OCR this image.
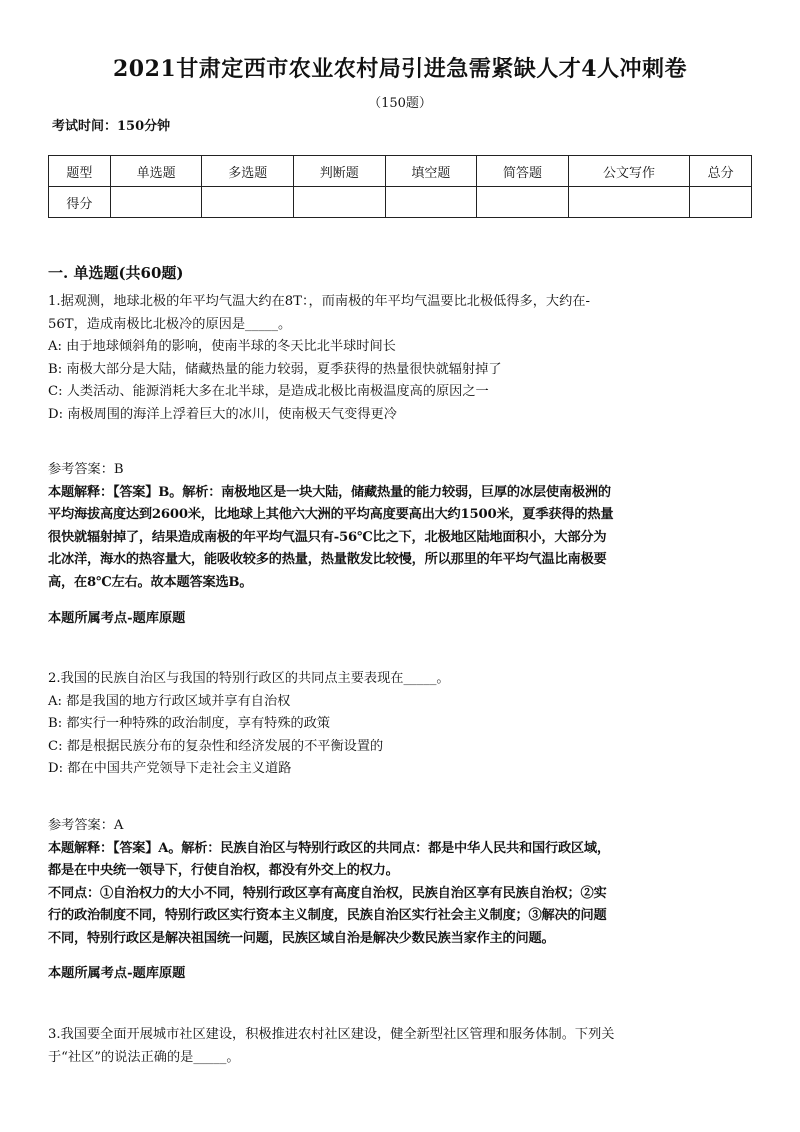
2021甘肃定西市农业农村局引进急需紧缺人才4人冲刺卷
（150题）
考试时间：150分钟
题型	单选题	多选题	判断题	填空题	简答题	公文写作	总分
得分							
一. 单选题(共60题)

1.据观测，地球北极的年平均气温大约在8T：，而南极的年平均气温要比北极低得多，大约在-

56T，造成南极比北极冷的原因是_____。

A: 由于地球倾斜角的影响，使南半球的冬天比北半球时间长

B: 南极大部分是大陆，储藏热量的能力较弱，夏季获得的热量很快就辐射掉了

C: 人类活动、能源消耗大多在北半球，是造成北极比南极温度高的原因之一

D: 南极周围的海洋上浮着巨大的冰川，使南极天气变得更冷

参考答案：B

本题解释：【答案】B。解析：南极地区是一块大陆，储藏热量的能力较弱，巨厚的冰层使南极洲的

平均海拔高度达到2600米，比地球上其他六大洲的平均高度要高出大约1500米，夏季获得的热量

很快就辐射掉了，结果造成南极的年平均气温只有-56℃比之下，北极地区陆地面积小，大部分为

北冰洋，海水的热容量大，能吸收较多的热量，热量散发比较慢，所以那里的年平均气温比南极要

高，在8℃左右。故本题答案选B。

本题所属考点-题库原题

2.我国的民族自治区与我国的特别行政区的共同点主要表现在_____。

A: 都是我国的地方行政区域并享有自治权

B: 都实行一种特殊的政治制度，享有特殊的政策

C: 都是根据民族分布的复杂性和经济发展的不平衡设置的

D: 都在中国共产党领导下走社会主义道路

参考答案：A

本题解释：【答案】A。解析：民族自治区与特别行政区的共同点：都是中华人民共和国行政区域，

都是在中央统一领导下，行使自治权，都没有外交上的权力。

不同点：①自治权力的大小不同，特别行政区享有高度自治权，民族自治区享有民族自治权；②实

行的政治制度不同，特别行政区实行资本主义制度，民族自治区实行社会主义制度；③解决的问题

不同，特别行政区是解决祖国统一问题，民族区域自治是解决少数民族当家作主的问题。

本题所属考点-题库原题

3.我国要全面开展城市社区建设，积极推进农村社区建设，健全新型社区管理和服务体制。下列关

于“社区”的说法正确的是_____。
